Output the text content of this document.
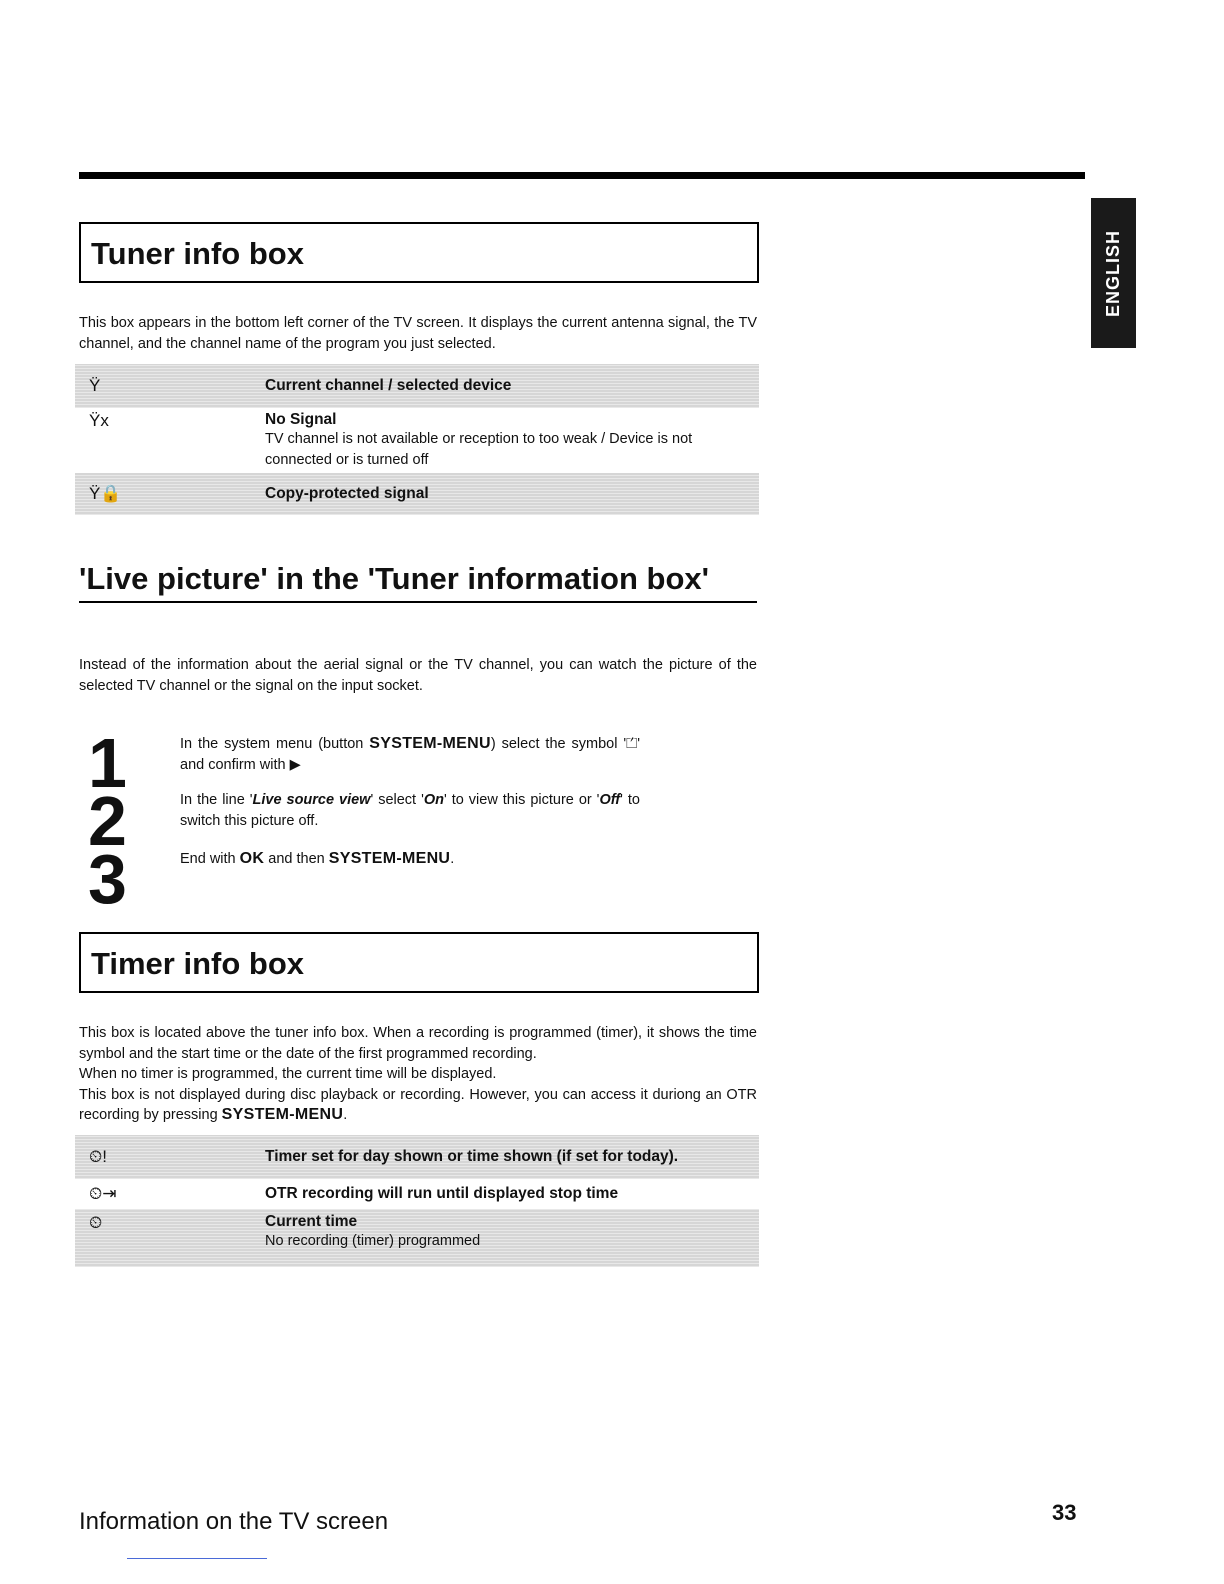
ENGLISH
Tuner info box

This box appears in the bottom left corner of the TV screen. It displays the current antenna signal, the TV channel, and the channel name of the program you just selected.

Ÿ	Current channel / selected device
Ÿx	No Signal
TV channel is not available or reception to too weak / Device is not connected or is turned off
Ÿ🔒	Copy-protected signal
'Live picture' in the 'Tuner information box'

Instead of the information about the aerial signal or the TV channel, you can watch the picture of the selected TV channel or the signal on the input socket.

1
2
3

In the system menu (button SYSTEM-MENU) select the symbol '⏍' and confirm with ▶

In the line 'Live source view' select 'On' to view this picture or 'Off' to switch this picture off.

End with OK and then SYSTEM-MENU.

Timer info box

This box is located above the tuner info box. When a recording is programmed (timer), it shows the time symbol and the start time or the date of the first programmed recording.

When no timer is programmed, the current time will be displayed.

This box is not displayed during disc playback or recording. However, you can access it duriong an OTR recording by pressing SYSTEM-MENU.

⏲!	Timer set for day shown or time shown (if set for today).
⏲⇥	OTR recording will run until displayed stop time
⏲	Current time
No recording (timer) programmed
Information on the TV screen	33
